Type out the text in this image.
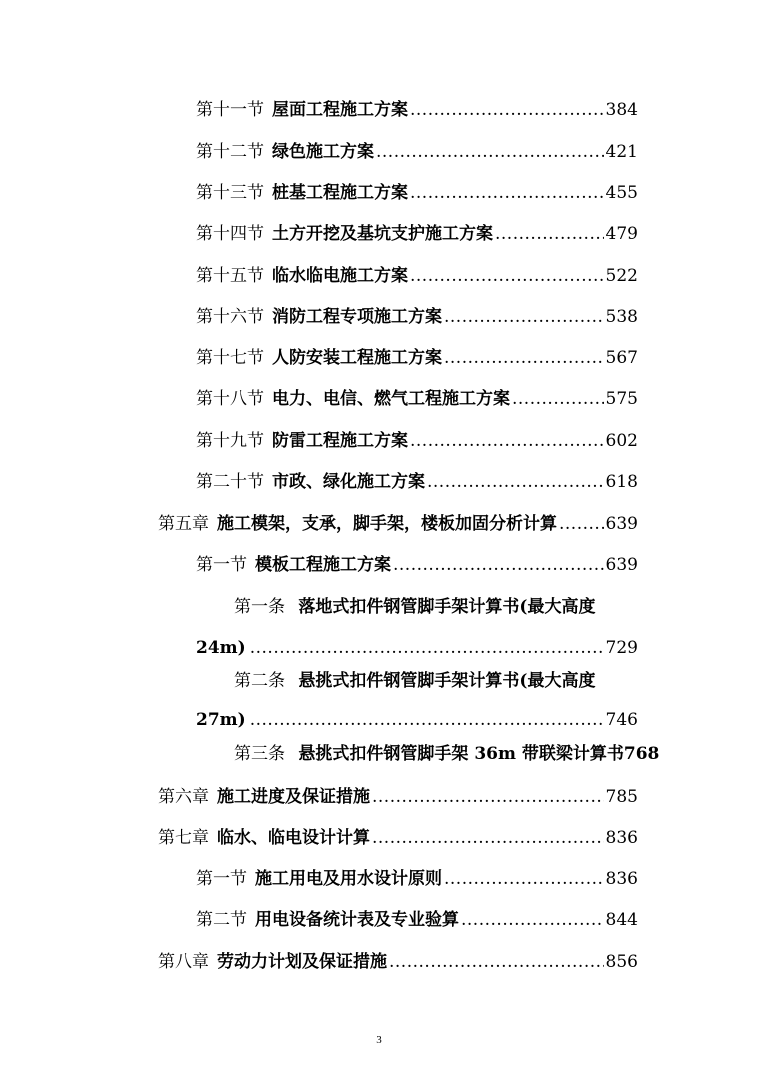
第十一节 屋面工程施工方案 .....	384
第十二节 绿色施工方案 .....	421
第十三节 桩基工程施工方案 .....	455
第十四节 土方开挖及基坑支护施工方案 .....	479
第十五节 临水临电施工方案 .....	522
第十六节 消防工程专项施工方案 .....	538
第十七节 人防安装工程施工方案 .....	567
第十八节 电力、电信、燃气工程施工方案 .....	575
第十九节 防雷工程施工方案 .....	602
第二十节 市政、绿化施工方案 .....	618
第五章 施工模架，支承，脚手架，楼板加固分析计算 .....	639
第一节 模板工程施工方案 .....	639
第一条 落地式扣件钢管脚手架计算书(最大高度
24m) .....	729
第二条 悬挑式扣件钢管脚手架计算书(最大高度
27m) .....	746
第三条 悬挑式扣件钢管脚手架 36m 带联梁计算书768
第六章 施工进度及保证措施 .....	785
第七章 临水、临电设计计算 .....	836
第一节 施工用电及用水设计原则 .....	836
第二节 用电设备统计表及专业验算 .....	844
第八章 劳动力计划及保证措施 .....	856
3
